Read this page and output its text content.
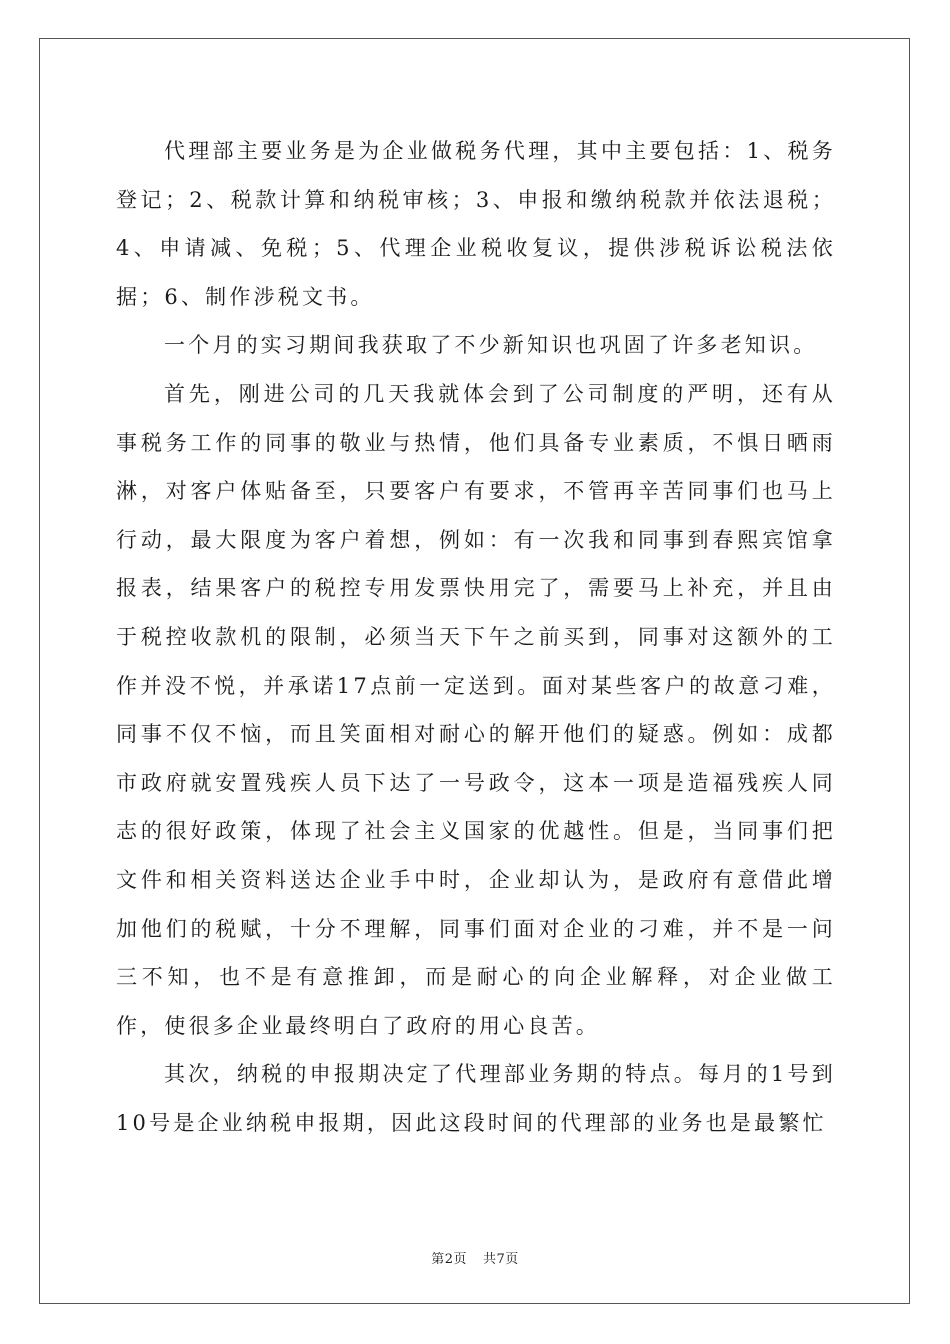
代理部主要业务是为企业做税务代理，其中主要包括：1、税务登记；2、税款计算和纳税审核；3、申报和缴纳税款并依法退税；4、申请减、免税；5、代理企业税收复议，提供涉税诉讼税法依据；6、制作涉税文书。

一个月的实习期间我获取了不少新知识也巩固了许多老知识。

首先，刚进公司的几天我就体会到了公司制度的严明，还有从事税务工作的同事的敬业与热情，他们具备专业素质，不惧日晒雨淋，对客户体贴备至，只要客户有要求，不管再辛苦同事们也马上行动，最大限度为客户着想，例如：有一次我和同事到春熙宾馆拿报表，结果客户的税控专用发票快用完了，需要马上补充，并且由于税控收款机的限制，必须当天下午之前买到，同事对这额外的工作并没不悦，并承诺17点前一定送到。面对某些客户的故意刁难，同事不仅不恼，而且笑面相对耐心的解开他们的疑惑。例如：成都市政府就安置残疾人员下达了一号政令，这本一项是造福残疾人同志的很好政策，体现了社会主义国家的优越性。但是，当同事们把文件和相关资料送达企业手中时，企业却认为，是政府有意借此增加他们的税赋，十分不理解，同事们面对企业的刁难，并不是一问三不知，也不是有意推卸，而是耐心的向企业解释，对企业做工作，使很多企业最终明白了政府的用心良苦。

其次，纳税的申报期决定了代理部业务期的特点。每月的1号到10号是企业纳税申报期，因此这段时间的代理部的业务也是最繁忙

第2页 共7页
